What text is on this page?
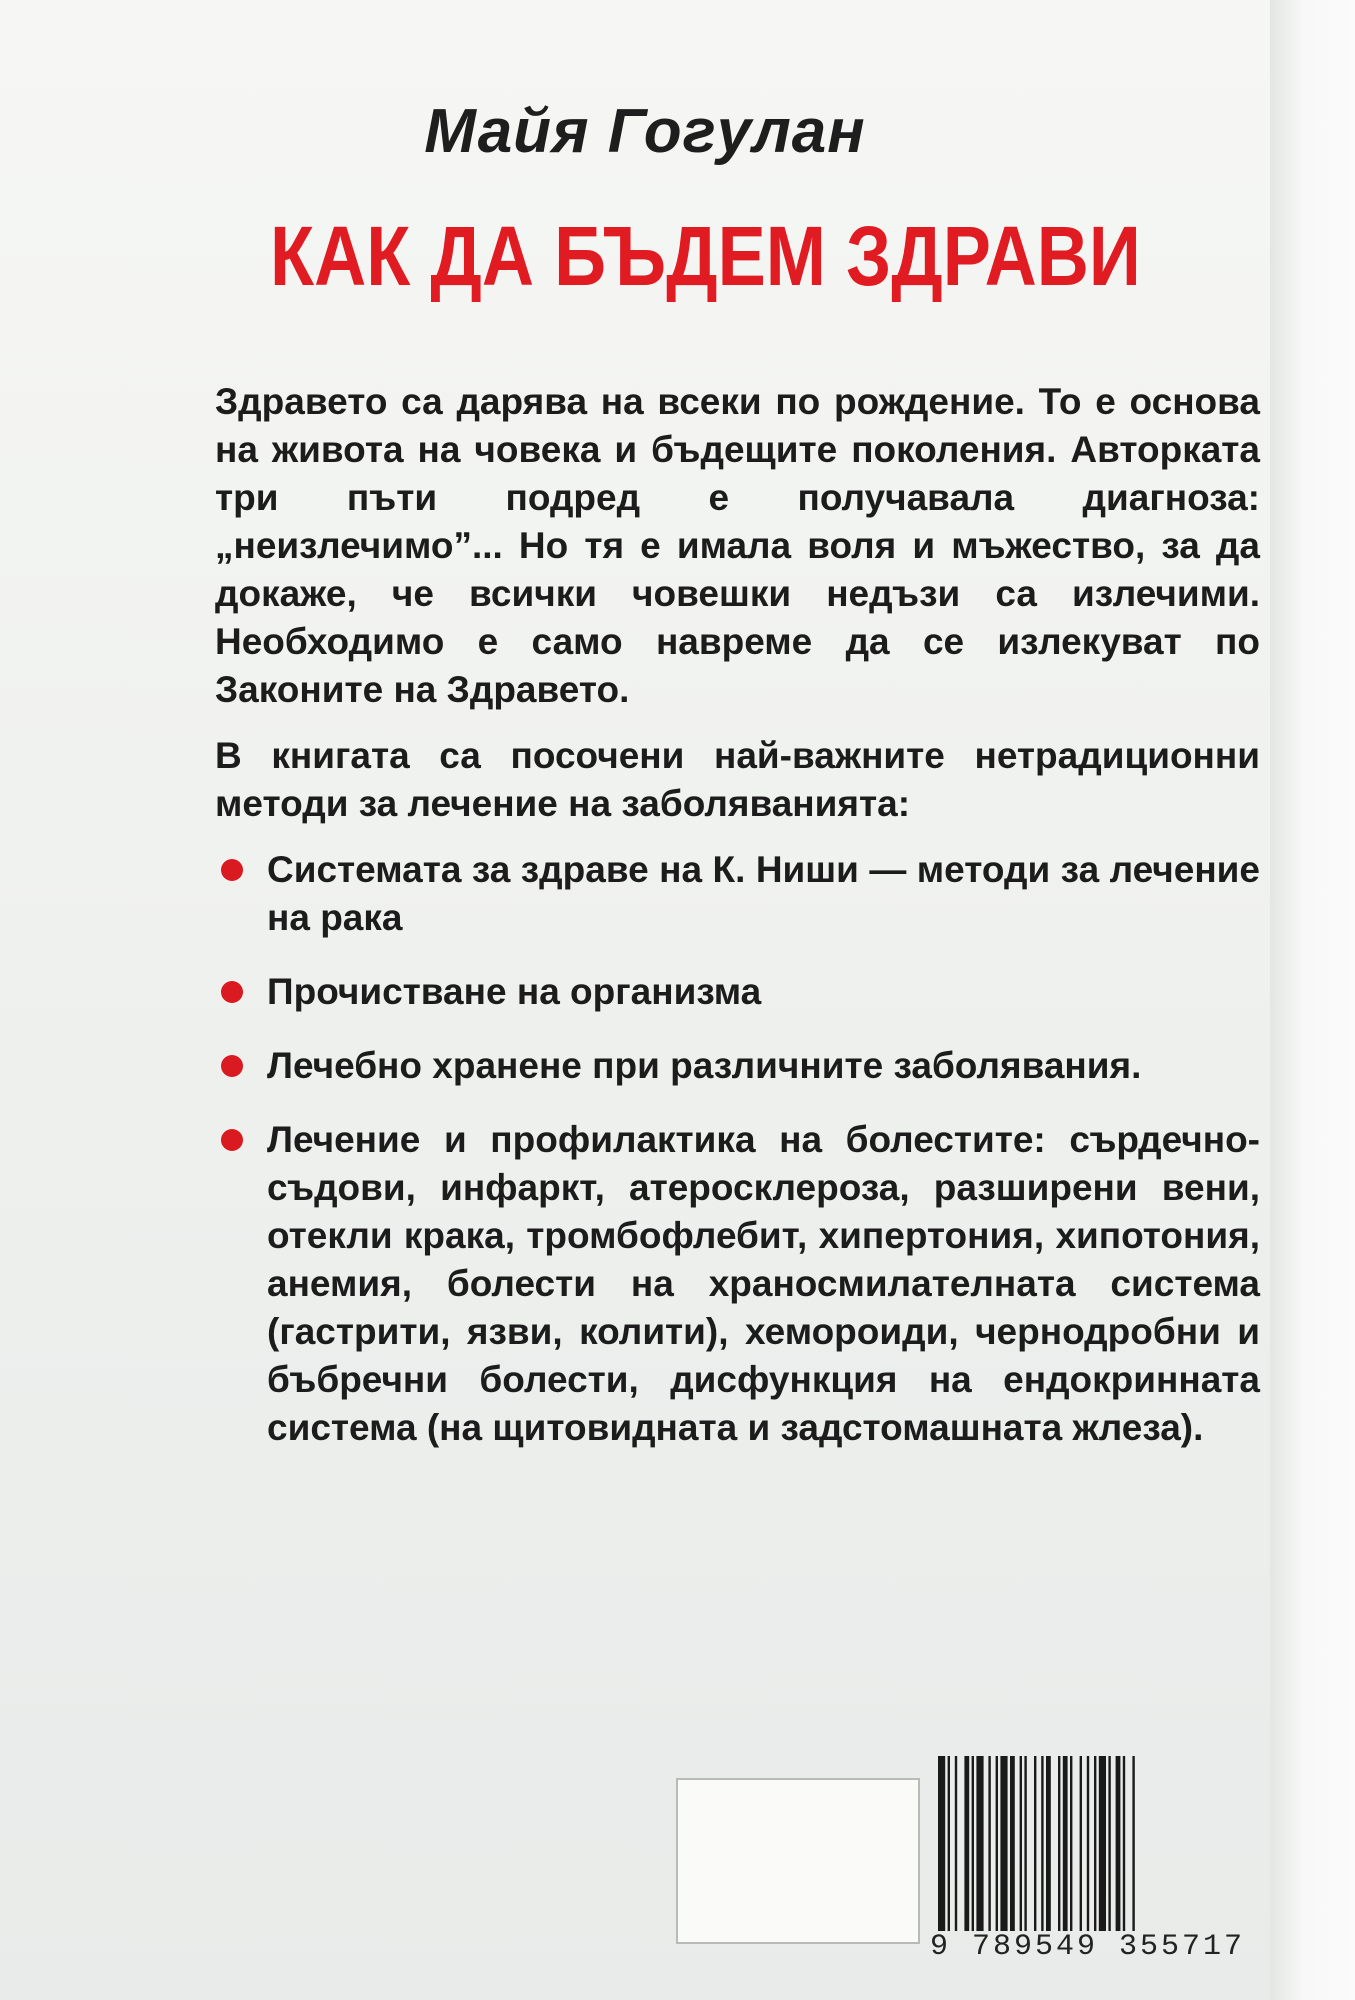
Майя Гогулан
КАК ДА БЪДЕМ ЗДРАВИ

Здравето са дарява на всеки по рождение. То е основа на живота на човека и бъдещите поколения. Авторката три пъти подред е получавала диагноза: „неизлечимо”... Но тя е имала воля и мъжество, за да докаже, че всички човешки недъзи са излечими. Необходимо е само навреме да се излекуват по Законите на Здравето.

В книгата са посочени най-важните нетрадиционни методи за лечение на заболяванията:

Системата за здраве на К. Ниши — методи за лечение на рака
Прочистване на организма
Лечебно хранене при различните заболявания.
Лечение и профилактика на болестите: сърдечно-съдови, инфаркт, атеросклероза, разширени вени, отекли крака, тромбофлебит, хипертония, хипотония, анемия, болести на храносмилателната система (гастрити, язви, колити), хемороиди, чернодробни и бъбречни болести, дисфункция на ендокринната система (на щитовидната и задстомашната жлеза).
9 789549 355717
